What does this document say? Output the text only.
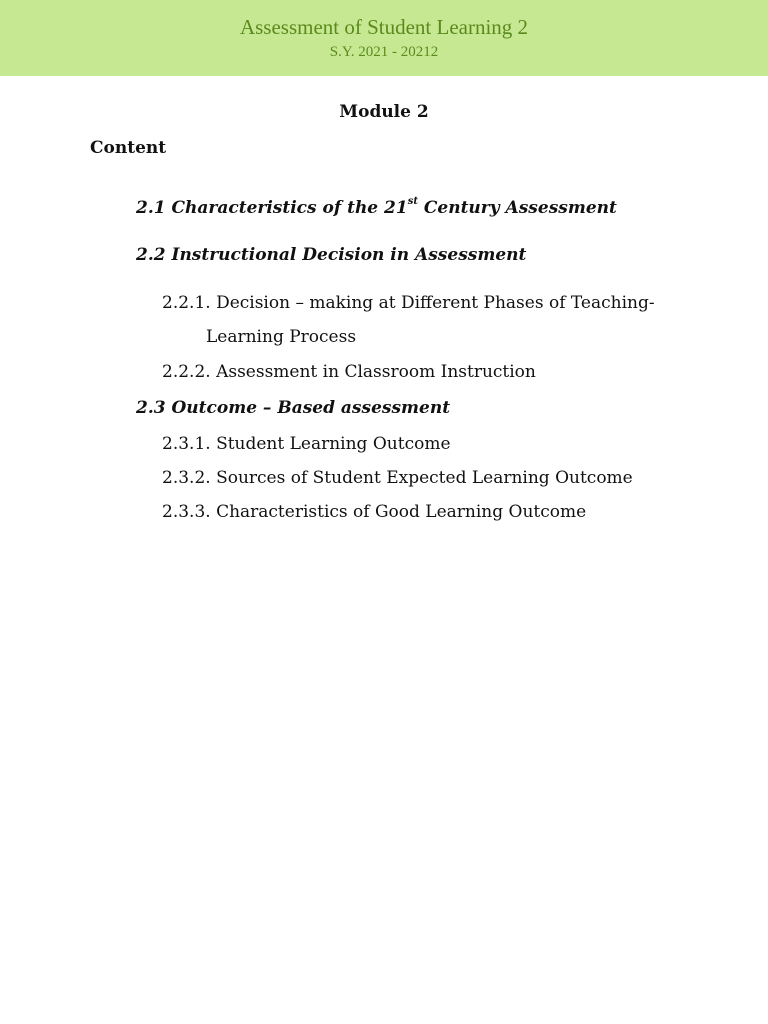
Assessment of Student Learning 2
S.Y. 2021 - 20212
Module 2
Content
2.1 Characteristics of the 21st Century Assessment
2.2 Instructional Decision in Assessment
2.2.1. Decision – making at Different Phases of Teaching-
Learning Process
2.2.2. Assessment in Classroom Instruction
2.3 Outcome – Based assessment
2.3.1. Student Learning Outcome
2.3.2. Sources of Student Expected Learning Outcome
2.3.3. Characteristics of Good Learning Outcome
